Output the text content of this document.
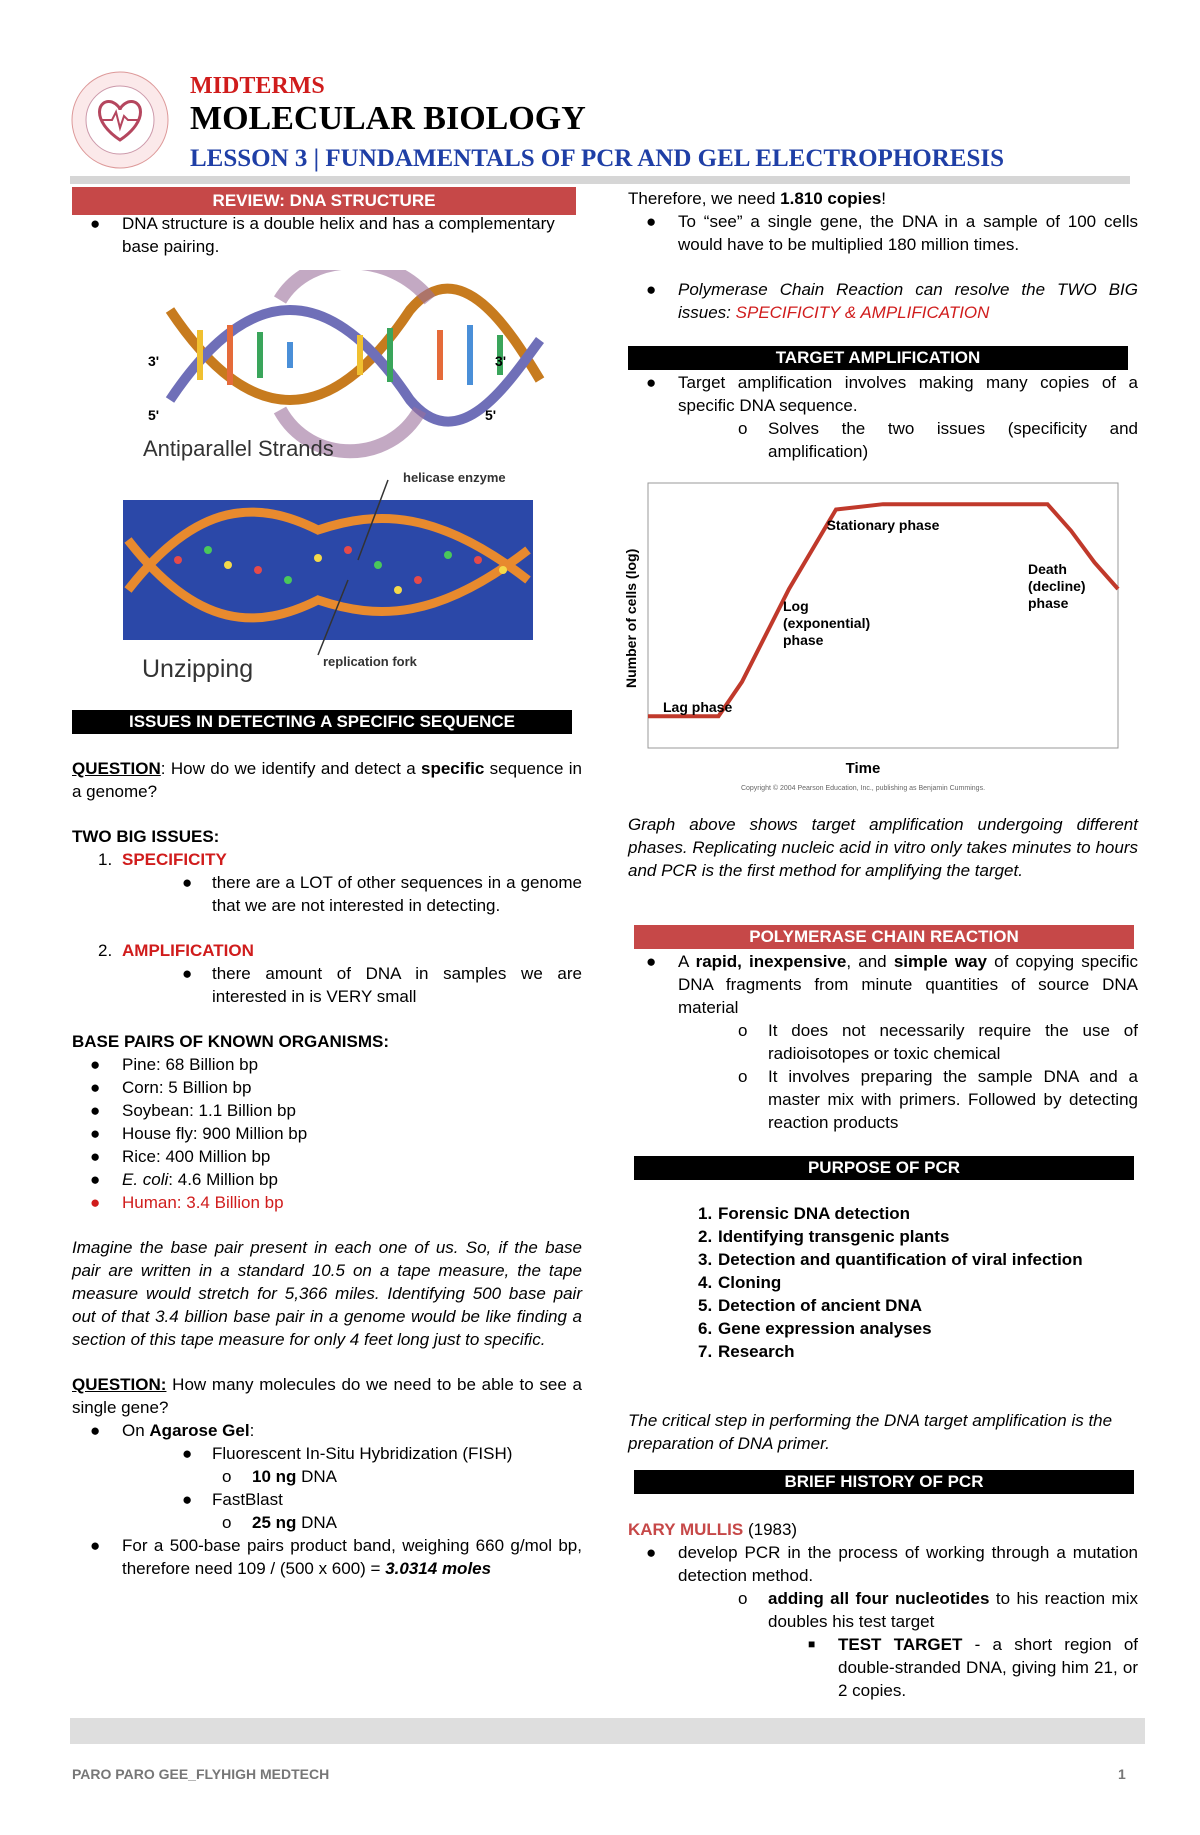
MIDTERMS
MOLECULAR BIOLOGY
LESSON 3 | FUNDAMENTALS OF PCR AND GEL ELECTROPHORESIS
REVIEW: DNA STRUCTURE
● DNA structure is a double helix and has a complementary base pairing.
3'
5'
3'
5'
Antiparallel Strands
helicase enzyme
replication fork
Unzipping
ISSUES IN DETECTING A SPECIFIC SEQUENCE
QUESTION: How do we identify and detect a specific sequence in a genome?
TWO BIG ISSUES:
1. SPECIFICITY
● there are a LOT of other sequences in a genome that we are not interested in detecting.
2. AMPLIFICATION
● there amount of DNA in samples we are interested in is VERY small
BASE PAIRS OF KNOWN ORGANISMS:
● Pine: 68 Billion bp
● Corn: 5 Billion bp
● Soybean: 1.1 Billion bp
● House fly: 900 Million bp
● Rice: 400 Million bp
● E. coli: 4.6 Million bp
● Human: 3.4 Billion bp
Imagine the base pair present in each one of us. So, if the base pair are written in a standard 10.5 on a tape measure, the tape measure would stretch for 5,366 miles. Identifying 500 base pair out of that 3.4 billion base pair in a genome would be like finding a section of this tape measure for only 4 feet long just to specific.
QUESTION: How many molecules do we need to be able to see a single gene?
● On Agarose Gel:
● Fluorescent In-Situ Hybridization (FISH)
o 10 ng DNA
● FastBlast
o 25 ng DNA
● For a 500-base pairs product band, weighing 660 g/mol bp, therefore need 109 / (500 x 600) = 3.0314 moles
Therefore, we need 1.810 copies!
● To “see” a single gene, the DNA in a sample of 100 cells would have to be multiplied 180 million times.
● Polymerase Chain Reaction can resolve the TWO BIG issues: SPECIFICITY & AMPLIFICATION
TARGET AMPLIFICATION
● Target amplification involves making many copies of a specific DNA sequence.
o Solves the two issues (specificity and amplification)
Number of cells (log)
Time
Lag phase
Stationary phase
Log (exponential) phase
Death (decline) phase
Copyright © 2004 Pearson Education, Inc., publishing as Benjamin Cummings.
Graph above shows target amplification undergoing different phases. Replicating nucleic acid in vitro only takes minutes to hours and PCR is the first method for amplifying the target.
POLYMERASE CHAIN REACTION
● A rapid, inexpensive, and simple way of copying specific DNA fragments from minute quantities of source DNA material
o It does not necessarily require the use of radioisotopes or toxic chemical
o It involves preparing the sample DNA and a master mix with primers. Followed by detecting reaction products
PURPOSE OF PCR
1. Forensic DNA detection
2. Identifying transgenic plants
3. Detection and quantification of viral infection
4. Cloning
5. Detection of ancient DNA
6. Gene expression analyses
7. Research
The critical step in performing the DNA target amplification is the preparation of DNA primer.
BRIEF HISTORY OF PCR
KARY MULLIS (1983)
● develop PCR in the process of working through a mutation detection method.
o adding all four nucleotides to his reaction mix doubles his test target
■ TEST TARGET - a short region of double-stranded DNA, giving him 21, or 2 copies.
PARO PARO GEE_FLYHIGH MEDTECH	1
